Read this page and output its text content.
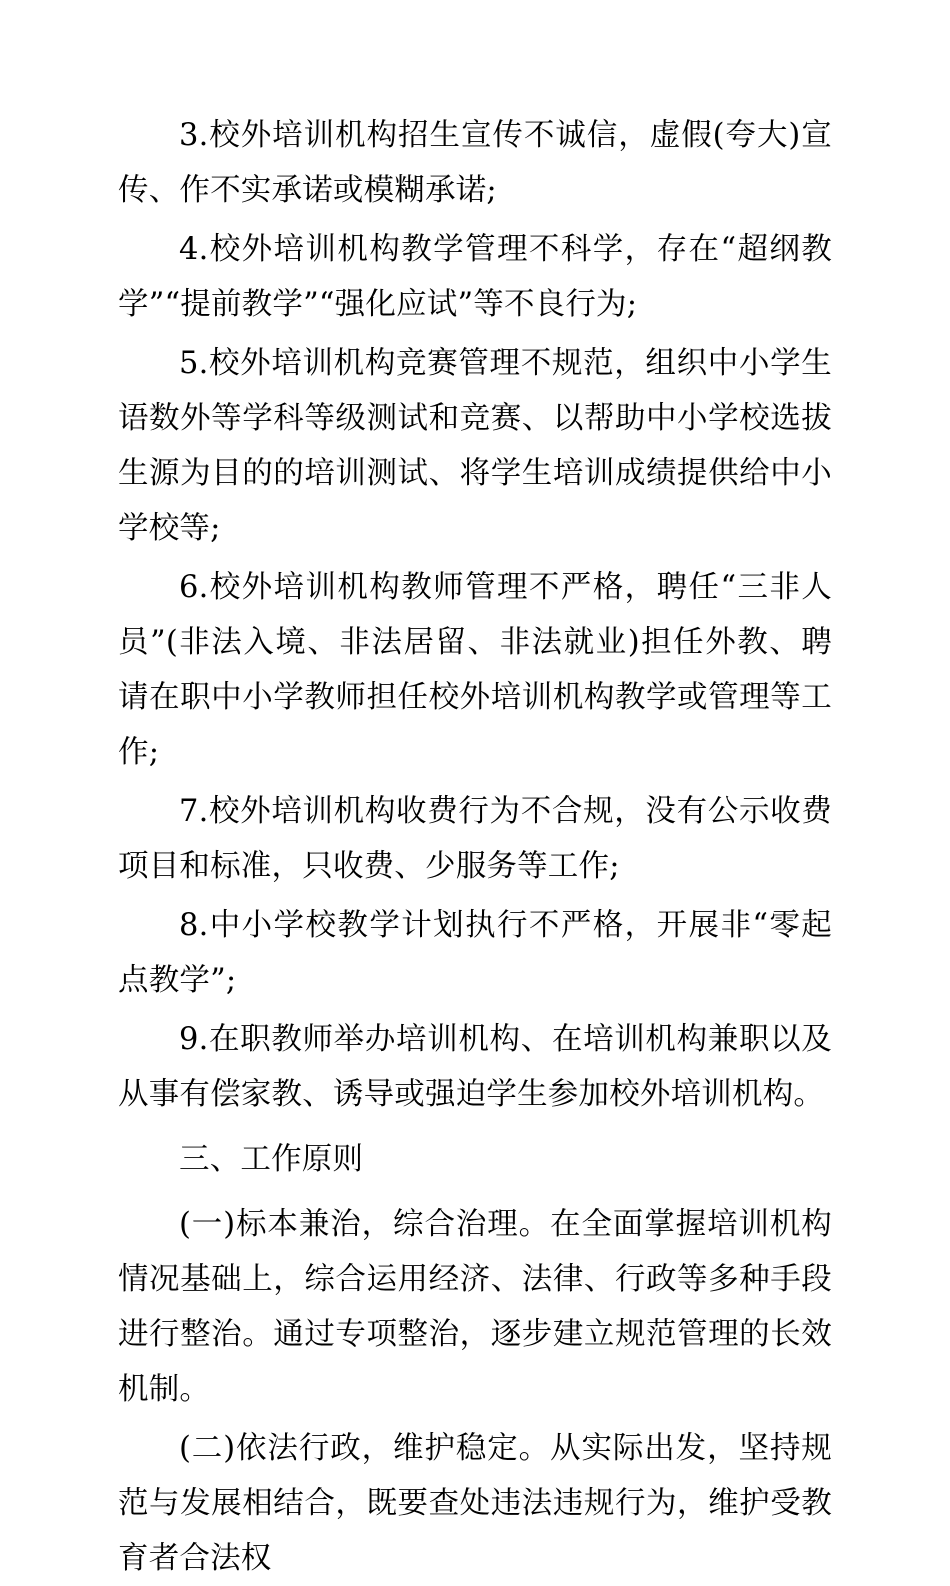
3.校外培训机构招生宣传不诚信，虚假(夸大)宣传、作不实承诺或模糊承诺;

4.校外培训机构教学管理不科学，存在“超纲教学”“提前教学”“强化应试”等不良行为;

5.校外培训机构竞赛管理不规范，组织中小学生语数外等学科等级测试和竞赛、以帮助中小学校选拔生源为目的的培训测试、将学生培训成绩提供给中小学校等;

6.校外培训机构教师管理不严格，聘任“三非人员”(非法入境、非法居留、非法就业)担任外教、聘请在职中小学教师担任校外培训机构教学或管理等工作;

7.校外培训机构收费行为不合规，没有公示收费项目和标准，只收费、少服务等工作;

8.中小学校教学计划执行不严格，开展非“零起点教学”;

9.在职教师举办培训机构、在培训机构兼职以及从事有偿家教、诱导或强迫学生参加校外培训机构。

三、工作原则

(一)标本兼治，综合治理。在全面掌握培训机构情况基础上，综合运用经济、法律、行政等多种手段进行整治。通过专项整治，逐步建立规范管理的长效机制。

(二)依法行政，维护稳定。从实际出发，坚持规范与发展相结合，既要查处违法违规行为，维护受教育者合法权
